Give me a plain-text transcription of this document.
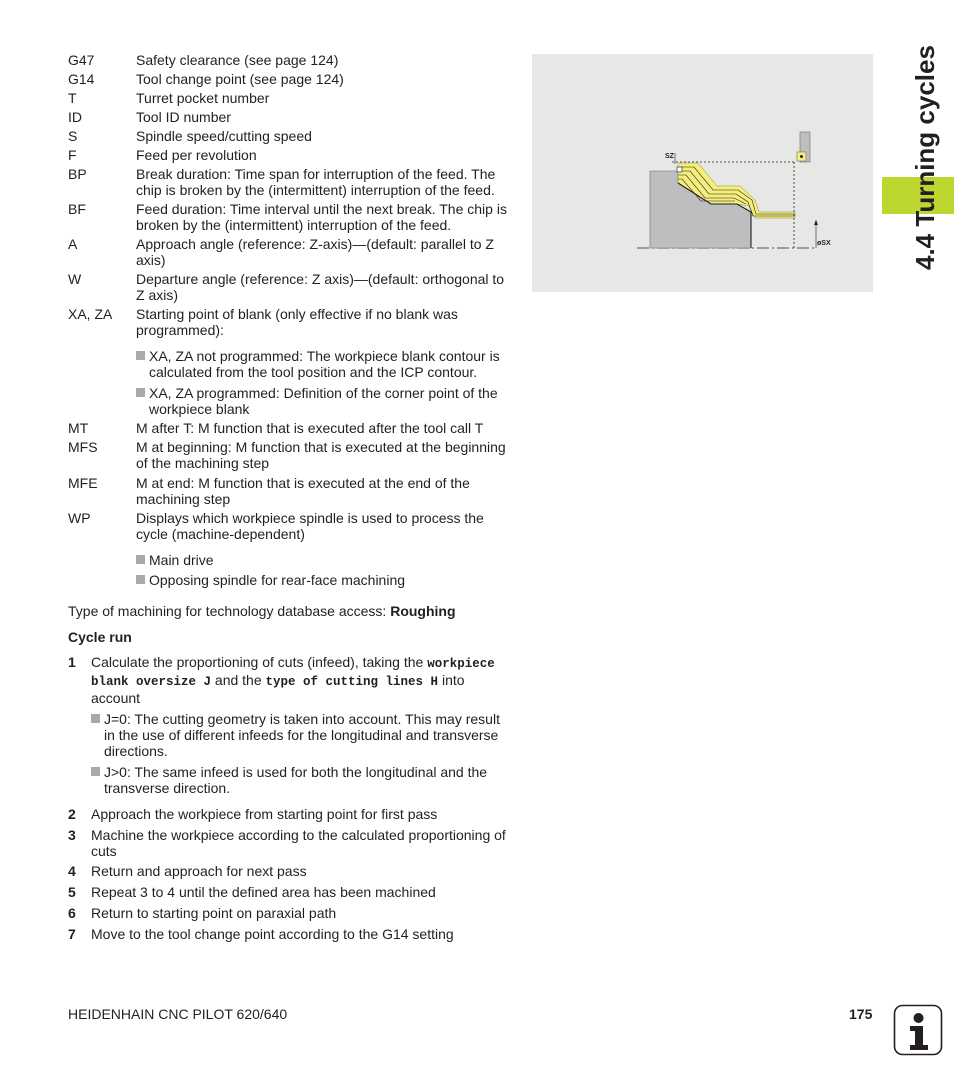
G47	Safety clearance (see page 124)
G14	Tool change point (see page 124)
T	Turret pocket number
ID	Tool ID number
S	Spindle speed/cutting speed
F	Feed per revolution
BP	Break duration: Time span for interruption of the feed. The chip is broken by the (intermittent) interruption of the feed.
BF	Feed duration: Time interval until the next break. The chip is broken by the (intermittent) interruption of the feed.
A	Approach angle (reference: Z-axis)—(default: parallel to Z axis)
W	Departure angle (reference: Z axis)—(default: orthogonal to Z axis)
XA, ZA	Starting point of blank (only effective if no blank was programmed):
XA, ZA not programmed: The workpiece blank contour is calculated from the tool position and the ICP contour.
XA, ZA programmed: Definition of the corner point of the workpiece blank
MT	M after T: M function that is executed after the tool call T
MFS	M at beginning: M function that is executed at the beginning of the machining step
MFE	M at end: M function that is executed at the end of the machining step
WP	Displays which workpiece spindle is used to process the cycle (machine-dependent)
Main drive
Opposing spindle for rear-face machining
Type of machining for technology database access: Roughing
Cycle run
1	Calculate the proportioning of cuts (infeed), taking the workpiece blank oversize J and the type of cutting lines H into account
J=0: The cutting geometry is taken into account. This may result in the use of different infeeds for the longitudinal and transverse directions.
J>0: The same infeed is used for both the longitudinal and the transverse direction.
2	Approach the workpiece from starting point for first pass
3	Machine the workpiece according to the calculated proportioning of cuts
4	Return and approach for next pass
5	Repeat 3 to 4 until the defined area has been machined
6	Return to starting point on paraxial path
7	Move to the tool change point according to the G14 setting
SZ
øSX	4.4 Turning cycles
HEIDENHAIN CNC PILOT 620/640	175
